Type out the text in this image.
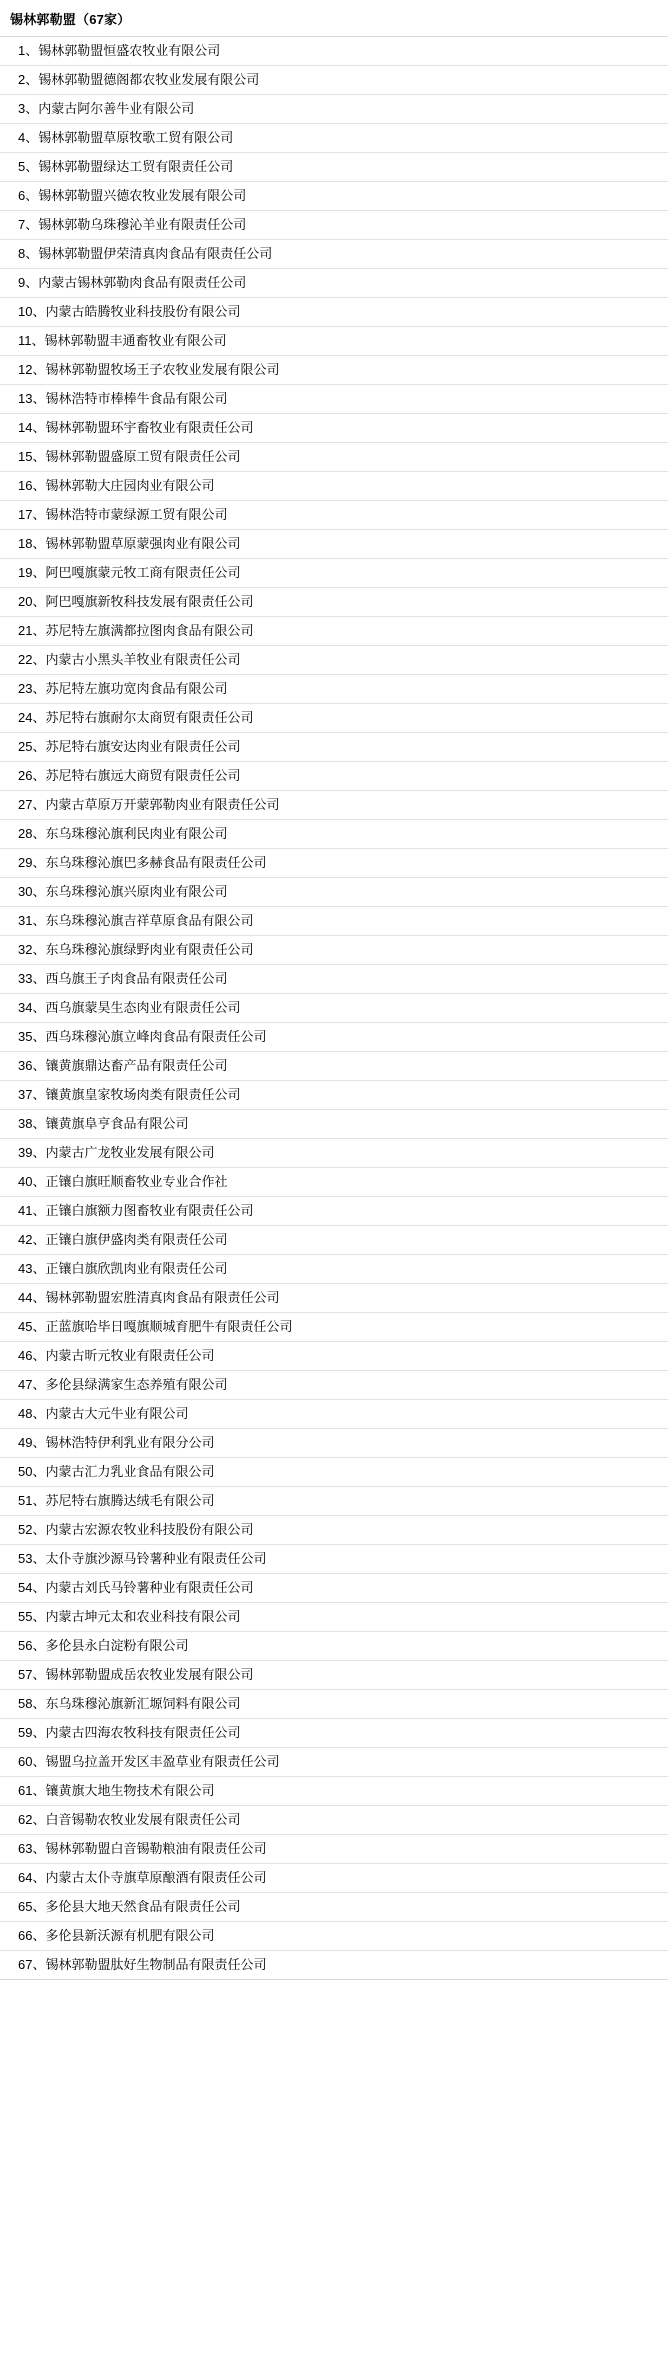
锡林郭勒盟（67家）
1、锡林郭勒盟恒盛农牧业有限公司
2、锡林郭勒盟德阁都农牧业发展有限公司
3、内蒙古阿尔善牛业有限公司
4、锡林郭勒盟草原牧歌工贸有限公司
5、锡林郭勒盟绿达工贸有限责任公司
6、锡林郭勒盟兴德农牧业发展有限公司
7、锡林郭勒乌珠穆沁羊业有限责任公司
8、锡林郭勒盟伊荣清真肉食品有限责任公司
9、内蒙古锡林郭勒肉食品有限责任公司
10、内蒙古皓腾牧业科技股份有限公司
11、锡林郭勒盟丰通畜牧业有限公司
12、锡林郭勒盟牧场王子农牧业发展有限公司
13、锡林浩特市棒棒牛食品有限公司
14、锡林郭勒盟环宇畜牧业有限责任公司
15、锡林郭勒盟盛原工贸有限责任公司
16、锡林郭勒大庄园肉业有限公司
17、锡林浩特市蒙绿源工贸有限公司
18、锡林郭勒盟草原蒙强肉业有限公司
19、阿巴嘎旗蒙元牧工商有限责任公司
20、阿巴嘎旗新牧科技发展有限责任公司
21、苏尼特左旗满都拉图肉食品有限公司
22、内蒙古小黑头羊牧业有限责任公司
23、苏尼特左旗功宽肉食品有限公司
24、苏尼特右旗耐尔太商贸有限责任公司
25、苏尼特右旗安达肉业有限责任公司
26、苏尼特右旗远大商贸有限责任公司
27、内蒙古草原万开蒙郭勒肉业有限责任公司
28、东乌珠穆沁旗利民肉业有限公司
29、东乌珠穆沁旗巴多赫食品有限责任公司
30、东乌珠穆沁旗兴原肉业有限公司
31、东乌珠穆沁旗吉祥草原食品有限公司
32、东乌珠穆沁旗绿野肉业有限责任公司
33、西乌旗王子肉食品有限责任公司
34、西乌旗蒙昊生态肉业有限责任公司
35、西乌珠穆沁旗立峰肉食品有限责任公司
36、镶黄旗鼎达畜产品有限责任公司
37、镶黄旗皇家牧场肉类有限责任公司
38、镶黄旗阜亨食品有限公司
39、内蒙古广龙牧业发展有限公司
40、正镶白旗旺顺畜牧业专业合作社
41、正镶白旗额力图畜牧业有限责任公司
42、正镶白旗伊盛肉类有限责任公司
43、正镶白旗欣凯肉业有限责任公司
44、锡林郭勒盟宏胜清真肉食品有限责任公司
45、正蓝旗哈毕日嘎旗顺城育肥牛有限责任公司
46、内蒙古昕元牧业有限责任公司
47、多伦县绿满家生态养殖有限公司
48、内蒙古大元牛业有限公司
49、锡林浩特伊利乳业有限分公司
50、内蒙古汇力乳业食品有限公司
51、苏尼特右旗腾达绒毛有限公司
52、内蒙古宏源农牧业科技股份有限公司
53、太仆寺旗沙源马铃薯种业有限责任公司
54、内蒙古刘氏马铃薯种业有限责任公司
55、内蒙古坤元太和农业科技有限公司
56、多伦县永白淀粉有限公司
57、锡林郭勒盟成岳农牧业发展有限公司
58、东乌珠穆沁旗新汇塬饲料有限公司
59、内蒙古四海农牧科技有限责任公司
60、锡盟乌拉盖开发区丰盈草业有限责任公司
61、镶黄旗大地生物技术有限公司
62、白音锡勒农牧业发展有限责任公司
63、锡林郭勒盟白音锡勒粮油有限责任公司
64、内蒙古太仆寺旗草原酿酒有限责任公司
65、多伦县大地天然食品有限责任公司
66、多伦县新沃源有机肥有限公司
67、锡林郭勒盟肽好生物制品有限责任公司
